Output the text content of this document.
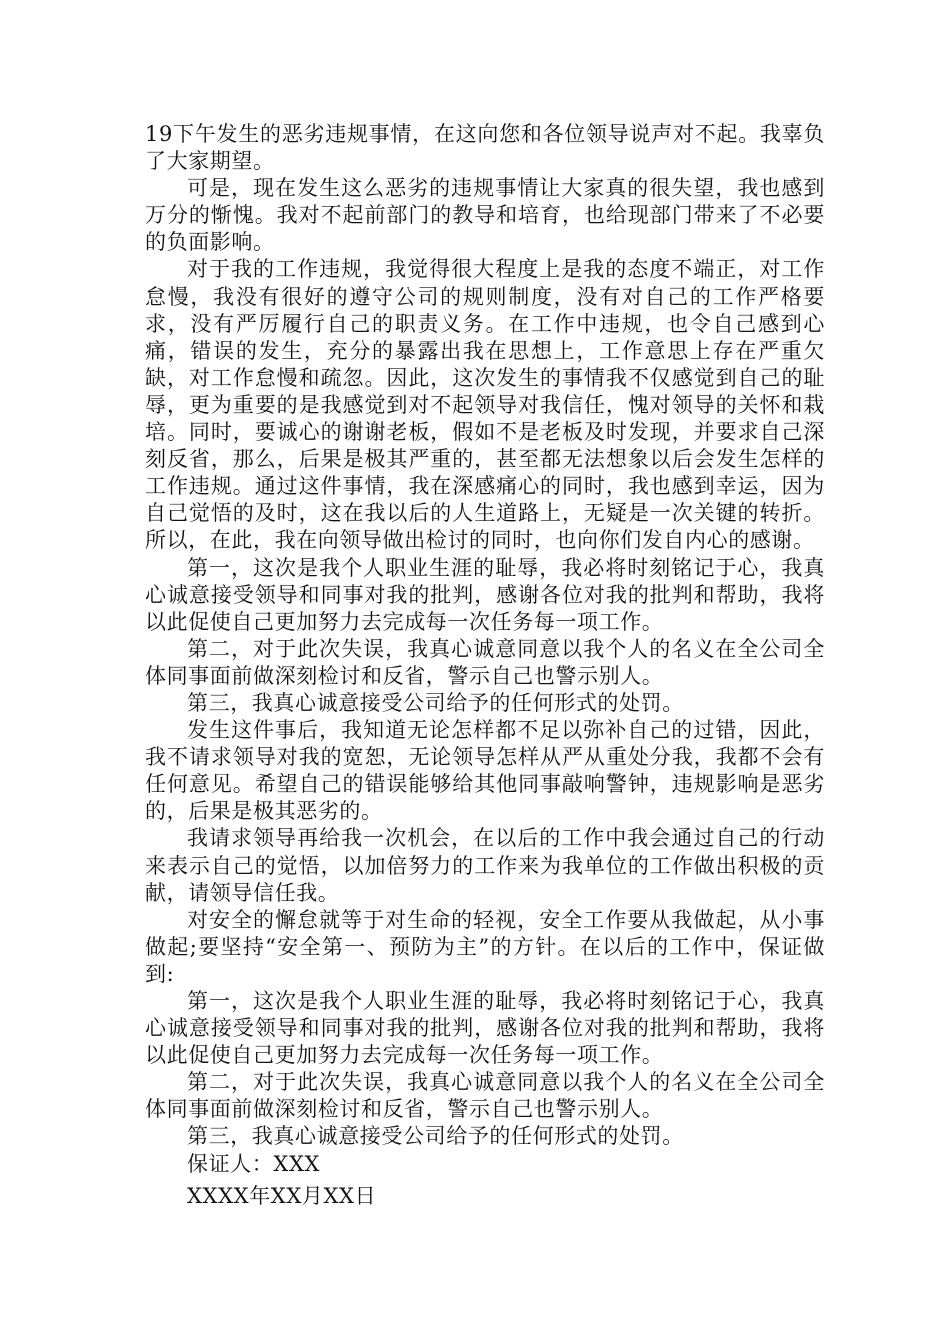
19下午发生的恶劣违规事情，在这向您和各位领导说声对不起。我辜负了大家期望。

可是，现在发生这么恶劣的违规事情让大家真的很失望，我也感到万分的惭愧。我对不起前部门的教导和培育，也给现部门带来了不必要的负面影响。

对于我的工作违规，我觉得很大程度上是我的态度不端正，对工作怠慢，我没有很好的遵守公司的规则制度，没有对自己的工作严格要求，没有严厉履行自己的职责义务。在工作中违规，也令自己感到心痛，错误的发生，充分的暴露出我在思想上，工作意思上存在严重欠缺，对工作怠慢和疏忽。因此，这次发生的事情我不仅感觉到自己的耻辱，更为重要的是我感觉到对不起领导对我信任，愧对领导的关怀和栽培。同时，要诚心的谢谢老板，假如不是老板及时发现，并要求自己深刻反省，那么，后果是极其严重的，甚至都无法想象以后会发生怎样的工作违规。通过这件事情，我在深感痛心的同时，我也感到幸运，因为自己觉悟的及时，这在我以后的人生道路上，无疑是一次关键的转折。所以，在此，我在向领导做出检讨的同时，也向你们发自内心的感谢。

第一，这次是我个人职业生涯的耻辱，我必将时刻铭记于心，我真心诚意接受领导和同事对我的批判，感谢各位对我的批判和帮助，我将以此促使自己更加努力去完成每一次任务每一项工作。

第二，对于此次失误，我真心诚意同意以我个人的名义在全公司全体同事面前做深刻检讨和反省，警示自己也警示别人。

第三，我真心诚意接受公司给予的任何形式的处罚。

发生这件事后，我知道无论怎样都不足以弥补自己的过错，因此，我不请求领导对我的宽恕，无论领导怎样从严从重处分我，我都不会有任何意见。希望自己的错误能够给其他同事敲响警钟，违规影响是恶劣的，后果是极其恶劣的。

我请求领导再给我一次机会，在以后的工作中我会通过自己的行动来表示自己的觉悟，以加倍努力的工作来为我单位的工作做出积极的贡献，请领导信任我。

对安全的懈怠就等于对生命的轻视，安全工作要从我做起，从小事做起;要坚持“安全第一、预防为主”的方针。在以后的工作中，保证做到:

第一，这次是我个人职业生涯的耻辱，我必将时刻铭记于心，我真心诚意接受领导和同事对我的批判，感谢各位对我的批判和帮助，我将以此促使自己更加努力去完成每一次任务每一项工作。

第二，对于此次失误，我真心诚意同意以我个人的名义在全公司全体同事面前做深刻检讨和反省，警示自己也警示别人。

第三，我真心诚意接受公司给予的任何形式的处罚。

保证人：XXX

XXXX年XX月XX日
